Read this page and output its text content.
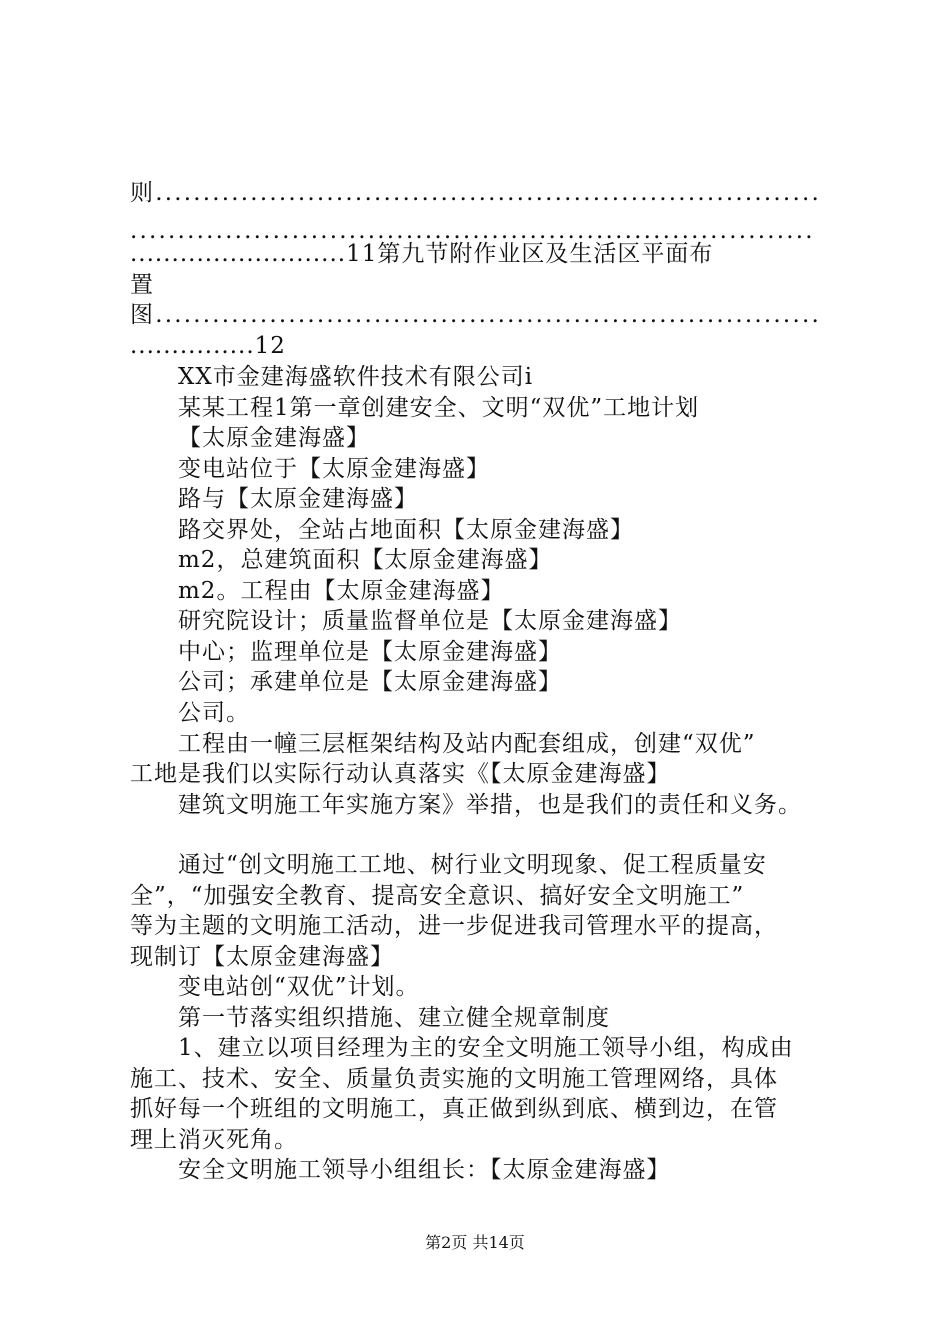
则......................................................................
........................................................................
..........................11第九节附作业区及生活区平面布
置
图......................................................................
...............12
XX市金建海盛软件技术有限公司i
某某工程1第一章创建安全、文明“双优”工地计划
【太原金建海盛】
变电站位于【太原金建海盛】
路与【太原金建海盛】
路交界处，全站占地面积【太原金建海盛】
m2，总建筑面积【太原金建海盛】
m2。工程由【太原金建海盛】
研究院设计；质量监督单位是【太原金建海盛】
中心；监理单位是【太原金建海盛】
公司；承建单位是【太原金建海盛】
公司。
工程由一幢三层框架结构及站内配套组成，创建“双优”
工地是我们以实际行动认真落实《【太原金建海盛】
建筑文明施工年实施方案》举措，也是我们的责任和义务。
通过“创文明施工工地、树行业文明现象、促工程质量安
全”，“加强安全教育、提高安全意识、搞好安全文明施工”
等为主题的文明施工活动，进一步促进我司管理水平的提高，
现制订【太原金建海盛】
变电站创“双优”计划。
第一节落实组织措施、建立健全规章制度
1、建立以项目经理为主的安全文明施工领导小组，构成由
施工、技术、安全、质量负责实施的文明施工管理网络，具体
抓好每一个班组的文明施工，真正做到纵到底、横到边，在管
理上消灭死角。
安全文明施工领导小组组长：【太原金建海盛】
第2页 共14页
